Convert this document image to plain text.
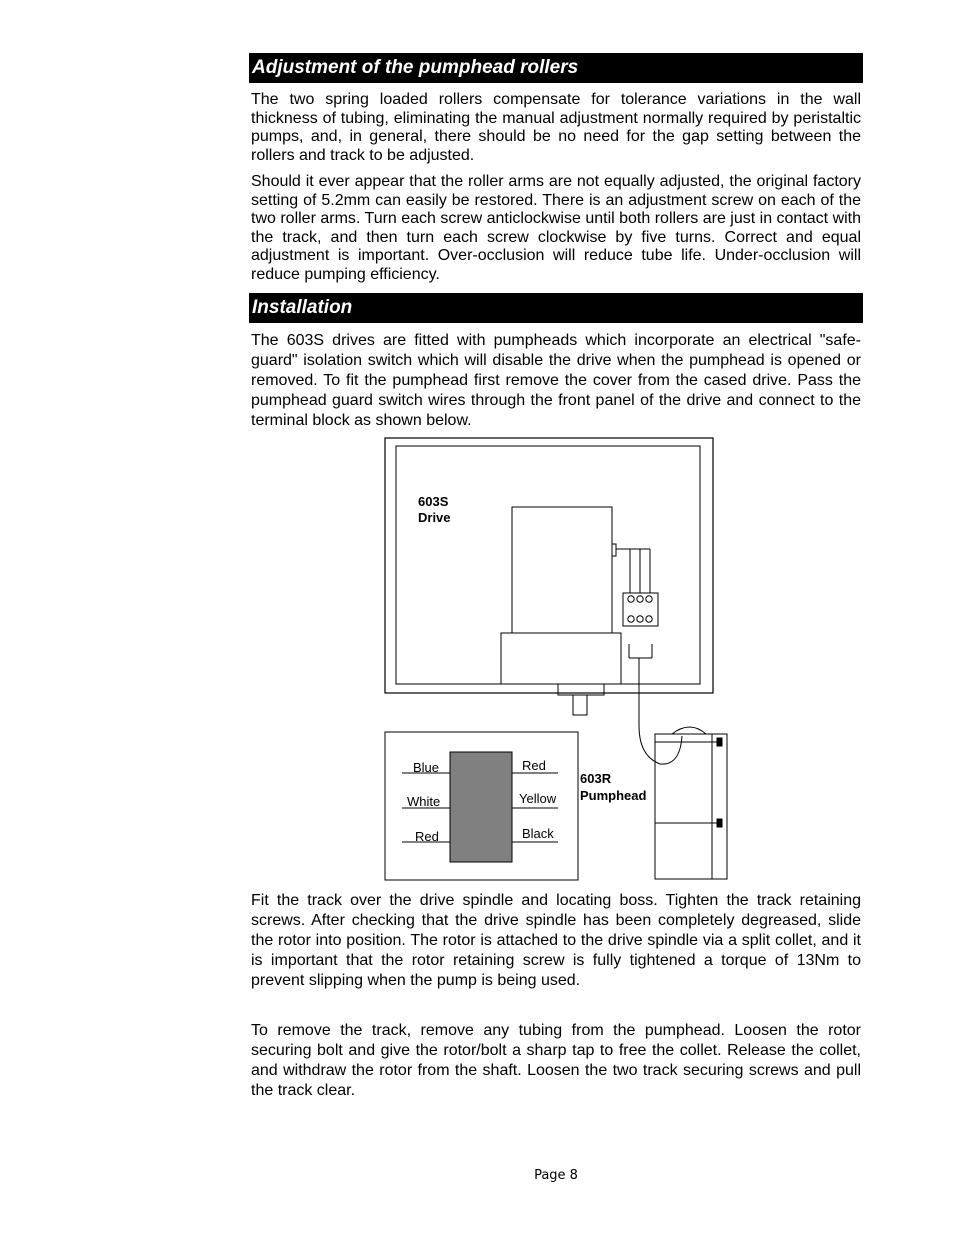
Adjustment of the pumphead rollers

The two spring loaded rollers compensate for tolerance variations in the wall thickness of tubing, eliminating the manual adjustment normally required by peristaltic pumps, and, in general, there should be no need for the gap setting between the rollers and track to be adjusted.

Should it ever appear that the roller arms are not equally adjusted, the original factory setting of 5.2mm can easily be restored. There is an adjustment screw on each of the two roller arms. Turn each screw anticlockwise until both rollers are just in contact with the track, and then turn each screw clockwise by five turns. Correct and equal adjustment is important. Over-occlusion will reduce tube life. Under-occlusion will reduce pumping efficiency.

Installation

The 603S drives are fitted with pumpheads which incorporate an electrical "safe-guard" isolation switch which will disable the drive when the pumphead is opened or removed. To fit the pumphead first remove the cover from the cased drive. Pass the pumphead guard switch wires through the front panel of the drive and connect to the terminal block as shown below.

603S
Drive
603R
Pumphead
Blue
White
Red
Red
Yellow
Black

Fit the track over the drive spindle and locating boss. Tighten the track retaining screws. After checking that the drive spindle has been completely degreased, slide the rotor into position. The rotor is attached to the drive spindle via a split collet, and it is important that the rotor retaining screw is fully tightened a torque of 13Nm to prevent slipping when the pump is being used.

To remove the track, remove any tubing from the pumphead. Loosen the rotor securing bolt and give the rotor/bolt a sharp tap to free the collet. Release the collet, and withdraw the rotor from the shaft. Loosen the two track securing screws and pull the track clear.

Page 8
